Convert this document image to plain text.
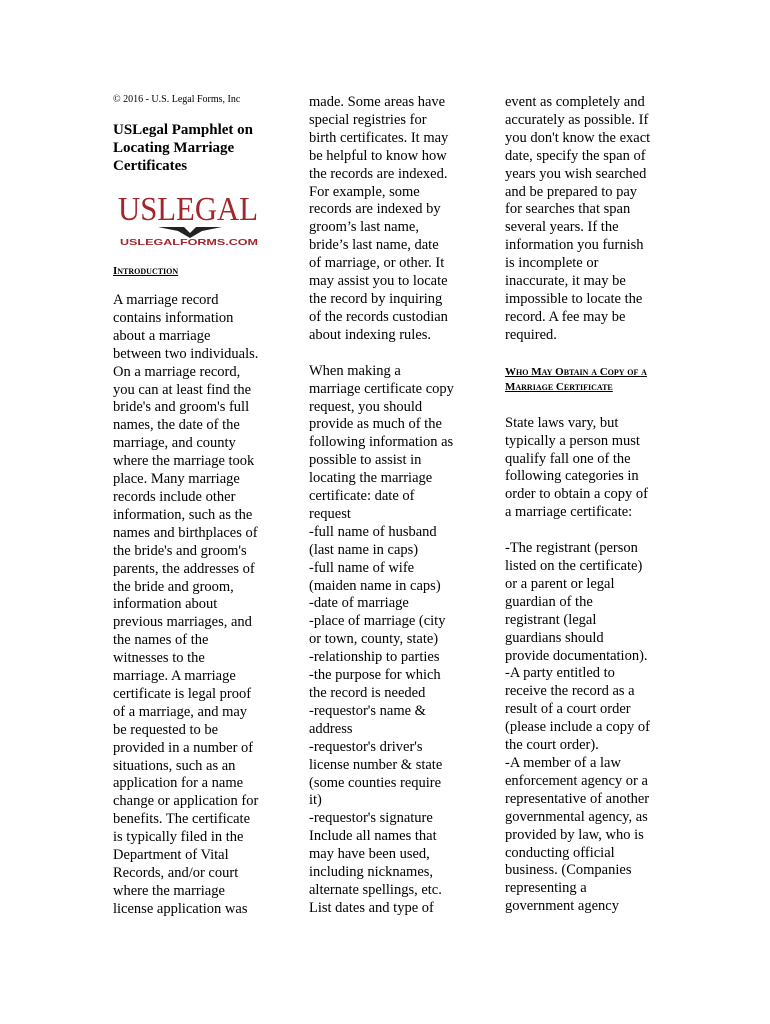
© 2016 - U.S. Legal Forms, Inc
USLegal Pamphlet on Locating Marriage Certificates
USLEGAL
USLEGALFORMS.COM
Introduction

A marriage record
contains information
about a marriage
between two individuals.
On a marriage record,
you can at least find the
bride's and groom's full
names, the date of the
marriage, and county
where the marriage took
place. Many marriage
records include other
information, such as the
names and birthplaces of
the bride's and groom's
parents, the addresses of
the bride and groom,
information about
previous marriages, and
the names of the
witnesses to the
marriage. A marriage
certificate is legal proof
of a marriage, and may
be requested to be
provided in a number of
situations, such as an
application for a name
change or application for
benefits. The certificate
is typically filed in the
Department of Vital
Records, and/or court
where the marriage
license application was

made. Some areas have
special registries for
birth certificates. It may
be helpful to know how
the records are indexed.
For example, some
records are indexed by
groom’s last name,
bride’s last name, date
of marriage, or other. It
may assist you to locate
the record by inquiring
of the records custodian
about indexing rules.

When making a
marriage certificate copy
request, you should
provide as much of the
following information as
possible to assist in
locating the marriage
certificate: date of
request
-full name of husband
(last name in caps)
-full name of wife
(maiden name in caps)
-date of marriage
-place of marriage (city
or town, county, state)
-relationship to parties
-the purpose for which
the record is needed
-requestor's name &
address
-requestor's driver's
license number & state
(some counties require
it)
-requestor's signature
Include all names that
may have been used,
including nicknames,
alternate spellings, etc.
List dates and type of

event as completely and
accurately as possible. If
you don't know the exact
date, specify the span of
years you wish searched
and be prepared to pay
for searches that span
several years. If the
information you furnish
is incomplete or
inaccurate, it may be
impossible to locate the
record. A fee may be
required.

Who May Obtain a Copy of a Marriage Certificate

State laws vary, but
typically a person must
qualify fall one of the
following categories in
order to obtain a copy of
a marriage certificate:

-The registrant (person
listed on the certificate)
or a parent or legal
guardian of the
registrant (legal
guardians should
provide documentation).
-A party entitled to
receive the record as a
result of a court order
(please include a copy of
the court order).
-A member of a law
enforcement agency or a
representative of another
governmental agency, as
provided by law, who is
conducting official
business. (Companies
representing a
government agency
